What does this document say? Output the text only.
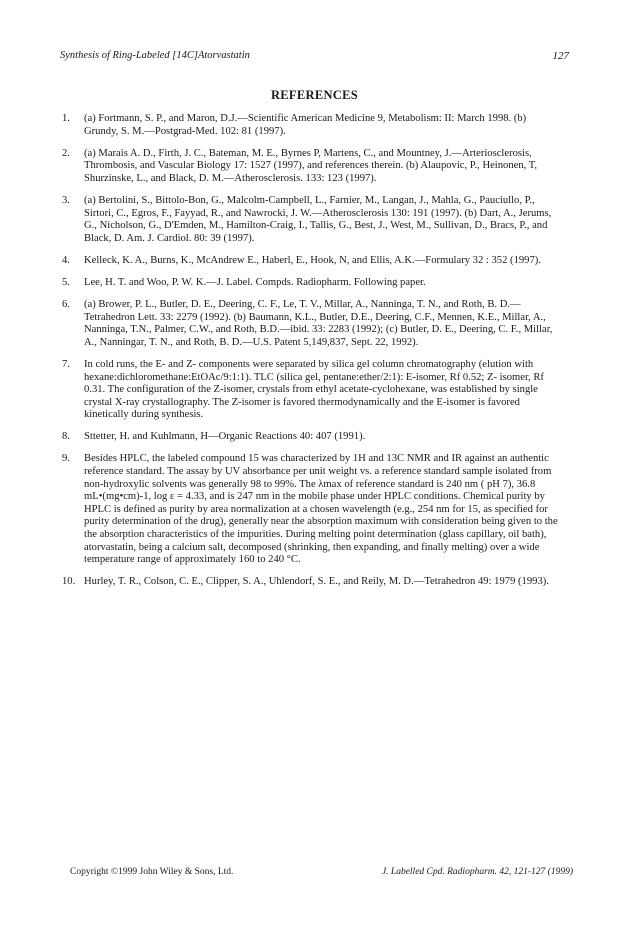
Synthesis of Ring-Labeled [14C]Atorvastatin	127
REFERENCES
1.	(a) Fortmann, S. P., and Maron, D.J.—Scientific American Medicine 9, Metabolism: II: March 1998. (b) Grundy, S. M.—Postgrad-Med. 102: 81 (1997).
2.	(a) Marais A. D., Firth, J. C., Bateman, M. E., Byrnes P, Martens, C., and Mountney, J.—Arteriosclerosis, Thrombosis, and Vascular Biology 17: 1527 (1997), and references therein. (b) Alaupovic, P., Heinonen, T, Shurzinske, L., and Black, D. M.—Atherosclerosis. 133: 123 (1997).
3.	(a) Bertolini, S., Bittolo-Bon, G., Malcolm-Campbell, L., Farnier, M., Langan, J., Mahla, G., Pauciullo, P., Sirtori, C., Egros, F., Fayyad, R., and Nawrocki, J. W.—Atherosclerosis 130: 191 (1997). (b) Dart, A., Jerums, G., Nicholson, G., D'Emden, M., Hamilton-Craig, I., Tallis, G., Best, J., West, M., Sullivan, D., Bracs, P., and Black, D. Am. J. Cardiol. 80: 39 (1997).
4.	Kelleck, K. A., Burns, K., McAndrew E., Haberl, E., Hook, N, and Ellis, A.K.—Formulary 32 : 352 (1997).
5.	Lee, H. T. and Woo, P. W. K.—J. Label. Compds. Radiopharm. Following paper.
6.	(a) Brower, P. L., Butler, D. E., Deering, C. F., Le, T. V., Millar, A., Nanninga, T. N., and Roth, B. D.—Tetrahedron Lett. 33: 2279 (1992). (b) Baumann, K.L., Butler, D.E., Deering, C.F., Mennen, K.E., Millar, A., Nanninga, T.N., Palmer, C.W., and Roth, B.D.—ibid. 33: 2283 (1992); (c) Butler, D. E., Deering, C. F., Millar, A., Nanningar, T. N., and Roth, B. D.—U.S. Patent 5,149,837, Sept. 22, 1992).
7.	In cold runs, the E- and Z- components were separated by silica gel column chromatography (elution with hexane:dichloromethane:EtOAc/9:1:1). TLC (silica gel, pentane:ether/2:1): E-isomer, Rf 0.52; Z- isomer, Rf 0.31. The configuration of the Z-isomer, crystals from ethyl acetate-cyclohexane, was established by single crystal X-ray crystallography. The Z-isomer is favored thermodynamically and the E-isomer is favored kinetically during synthesis.
8.	Sttetter, H. and Kuhlmann, H—Organic Reactions 40: 407 (1991).
9.	Besides HPLC, the labeled compound 15 was characterized by 1H and 13C NMR and IR against an authentic reference standard. The assay by UV absorbance per unit weight vs. a reference standard sample isolated from non-hydroxylic solvents was generally 98 to 99%. The λmax of reference standard is 240 nm ( pH 7), 36.8 mL•(mg•cm)-1, log ε = 4.33, and is 247 nm in the mobile phase under HPLC conditions. Chemical purity by HPLC is defined as purity by area normalization at a chosen wavelength (e.g., 254 nm for 15, as specified for purity determination of the drug), generally near the absorption maximum with consideration being given to the the absorption characteristics of the impurities. During melting point determination (glass capillary, oil bath), atorvastatin, being a calcium salt, decomposed (shrinking, then expanding, and finally melting) over a wide temperature range of approximately 160 to 240 °C.
10. Hurley, T. R., Colson, C. E., Clipper, S. A., Uhlendorf, S. E., and Reily, M. D.—Tetrahedron 49: 1979 (1993).
Copyright ©1999 John Wiley & Sons, Ltd.	J. Labelled Cpd. Radiopharm. 42, 121-127 (1999)
